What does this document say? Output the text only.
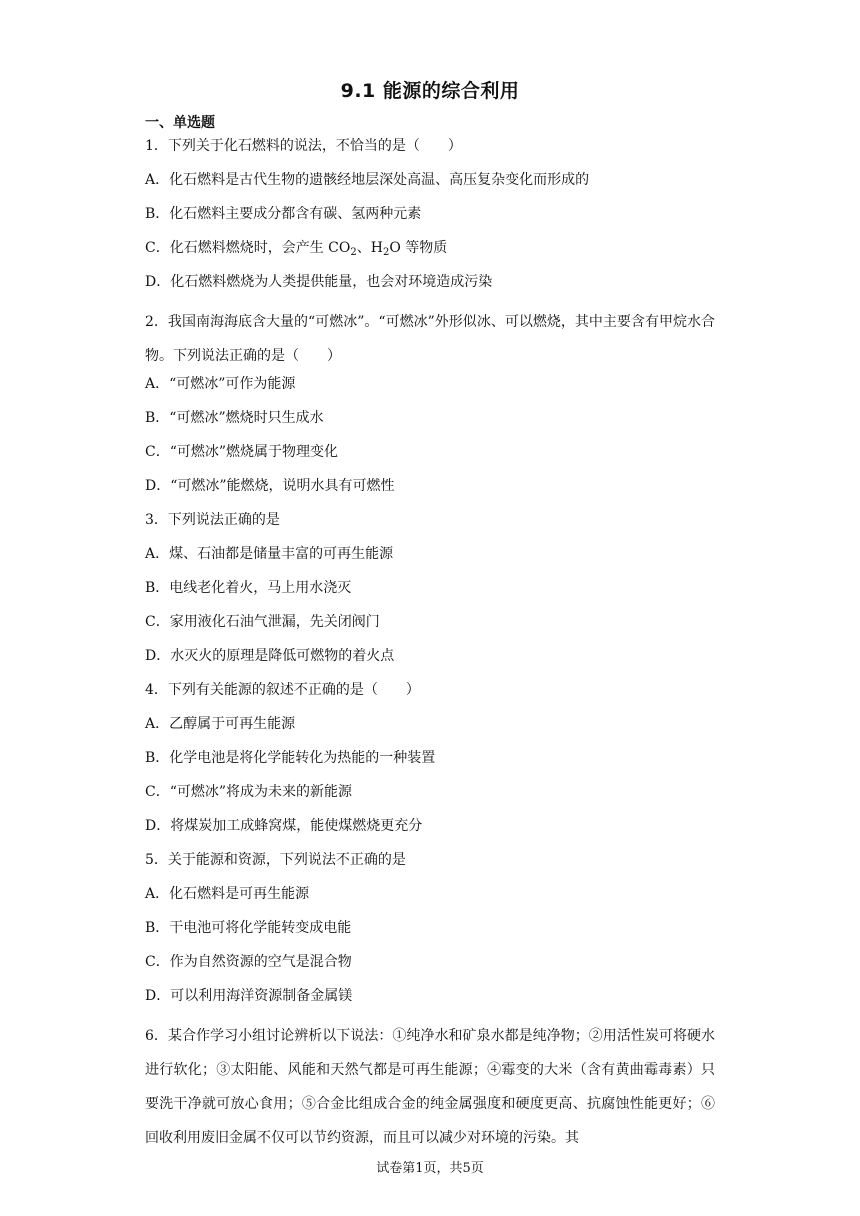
9.1 能源的综合利用
一、单选题
1．下列关于化石燃料的说法，不恰当的是（　　）
A．化石燃料是古代生物的遗骸经地层深处高温、高压复杂变化而形成的
B．化石燃料主要成分都含有碳、氢两种元素
C．化石燃料燃烧时，会产生 $CO_2$、$H_2O$ 等物质
D．化石燃料燃烧为人类提供能量，也会对环境造成污染
2．我国南海海底含大量的“可燃冰”。“可燃冰”外形似冰、可以燃烧，其中主要含有甲烷水合物。下列说法正确的是（　　）
A．“可燃冰”可作为能源
B．“可燃冰”燃烧时只生成水
C．“可燃冰”燃烧属于物理变化
D．“可燃冰”能燃烧，说明水具有可燃性
3．下列说法正确的是
A．煤、石油都是储量丰富的可再生能源
B．电线老化着火，马上用水浇灭
C．家用液化石油气泄漏，先关闭阀门
D．水灭火的原理是降低可燃物的着火点
4．下列有关能源的叙述不正确的是（　　）
A．乙醇属于可再生能源
B．化学电池是将化学能转化为热能的一种装置
C．“可燃冰”将成为未来的新能源
D．将煤炭加工成蜂窝煤，能使煤燃烧更充分
5．关于能源和资源，下列说法不正确的是
A．化石燃料是可再生能源
B．干电池可将化学能转变成电能
C．作为自然资源的空气是混合物
D．可以利用海洋资源制备金属镁
6．某合作学习小组讨论辨析以下说法：①纯净水和矿泉水都是纯净物；②用活性炭可将硬水进行软化；③太阳能、风能和天然气都是可再生能源；④霉变的大米（含有黄曲霉毒素）只要洗干净就可放心食用；⑤合金比组成合金的纯金属强度和硬度更高、抗腐蚀性能更好；⑥回收利用废旧金属不仅可以节约资源，而且可以减少对环境的污染。其
试卷第1页，共5页
